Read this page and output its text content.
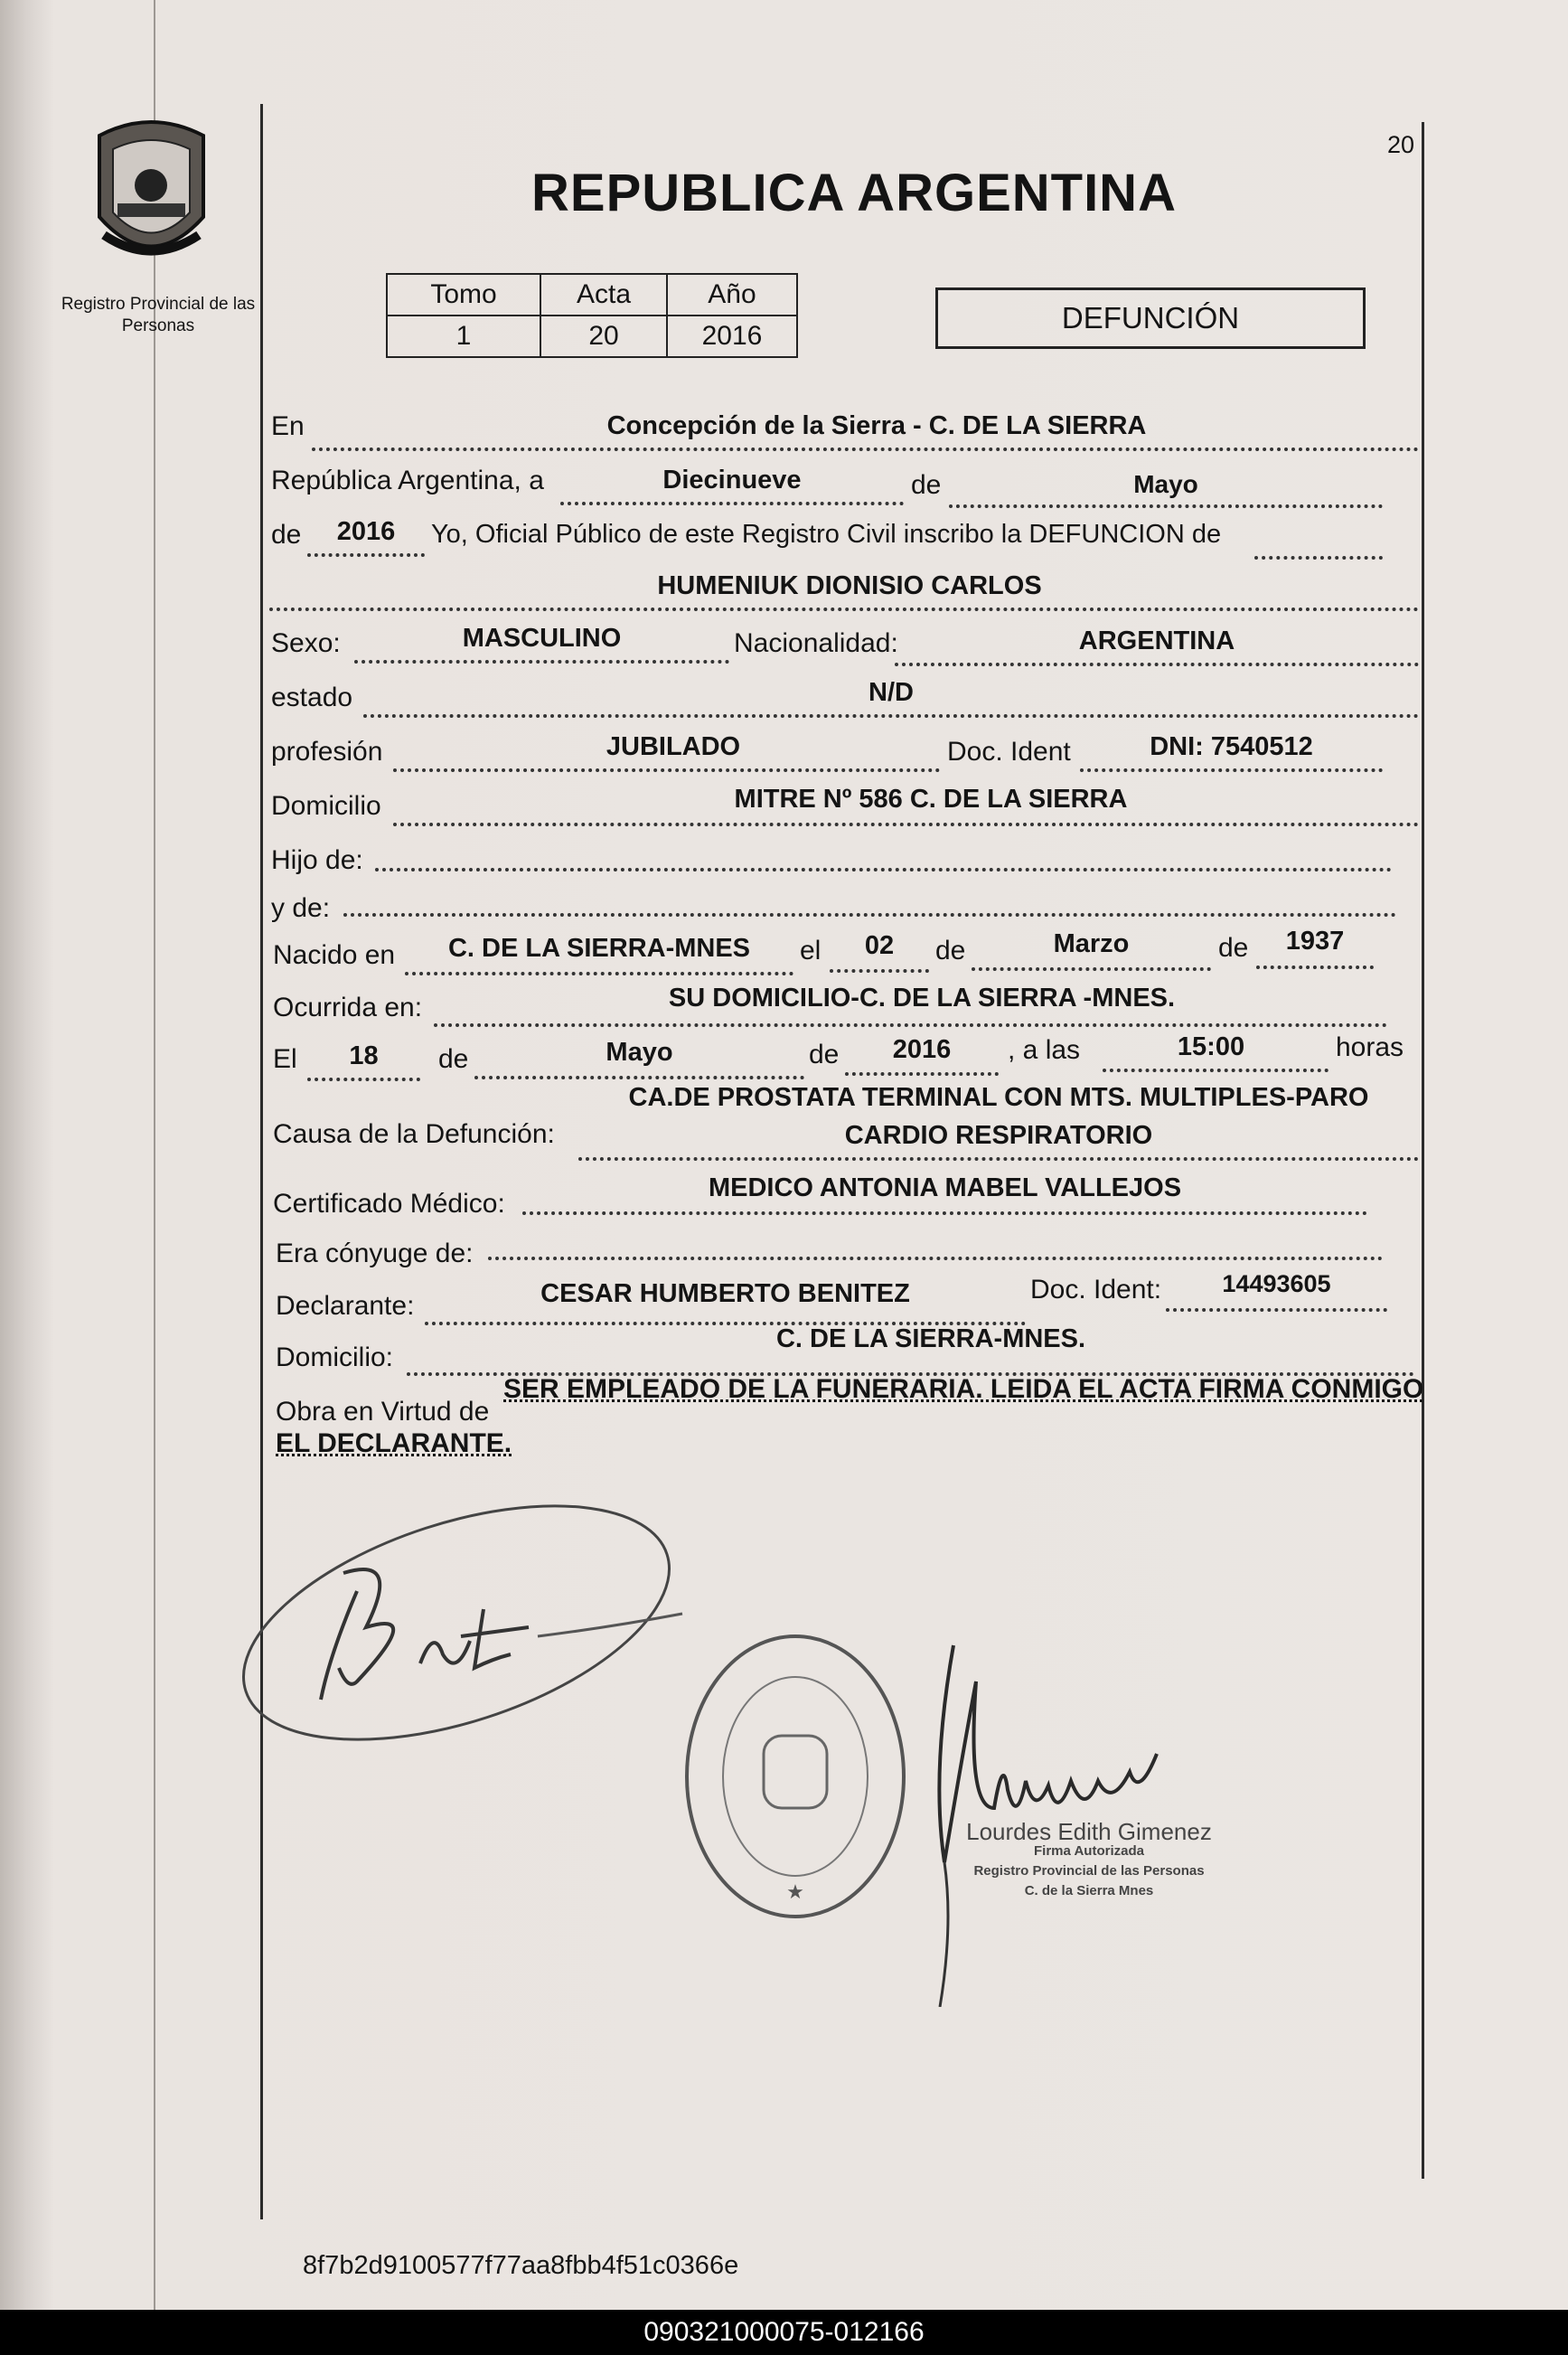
Registro Provincial de las Personas
20
REPUBLICA ARGENTINA
Tomo	Acta	Año
1	20	2016
DEFUNCIÓN
En	Concepción de la Sierra - C. DE LA SIERRA
República Argentina, a	Diecinueve	de	Mayo
de	2016	Yo, Oficial Público de este Registro Civil inscribo la DEFUNCION de
HUMENIUK DIONISIO CARLOS
Sexo:	MASCULINO	Nacionalidad:	ARGENTINA
estado	N/D
profesión	JUBILADO	Doc. Ident	DNI: 7540512
Domicilio	MITRE Nº 586 C. DE LA SIERRA
Hijo de:
y de:
Nacido en	C. DE LA SIERRA-MNES	el	02	de	Marzo	de	1937
Ocurrida en:	SU DOMICILIO-C. DE LA SIERRA -MNES.
El	18	de	Mayo	de	2016	, a las	15:00	horas
CA.DE PROSTATA TERMINAL CON MTS. MULTIPLES-PARO
Causa de la Defunción:	CARDIO RESPIRATORIO
Certificado Médico:
MEDICO ANTONIA MABEL VALLEJOS
Era cónyuge de:
Declarante:	CESAR HUMBERTO BENITEZ	Doc. Ident:	14493605
Domicilio:
C. DE LA SIERRA-MNES.
Obra en Virtud de
SER EMPLEADO DE LA FUNERARIA. LEIDA EL ACTA FIRMA CONMIGO
EL DECLARANTE.
★
Lourdes Edith Gimenez
Firma Autorizada
Registro Provincial de las Personas
C. de la Sierra Mnes
8f7b2d9100577f77aa8fbb4f51c0366e
090321000075-012166
